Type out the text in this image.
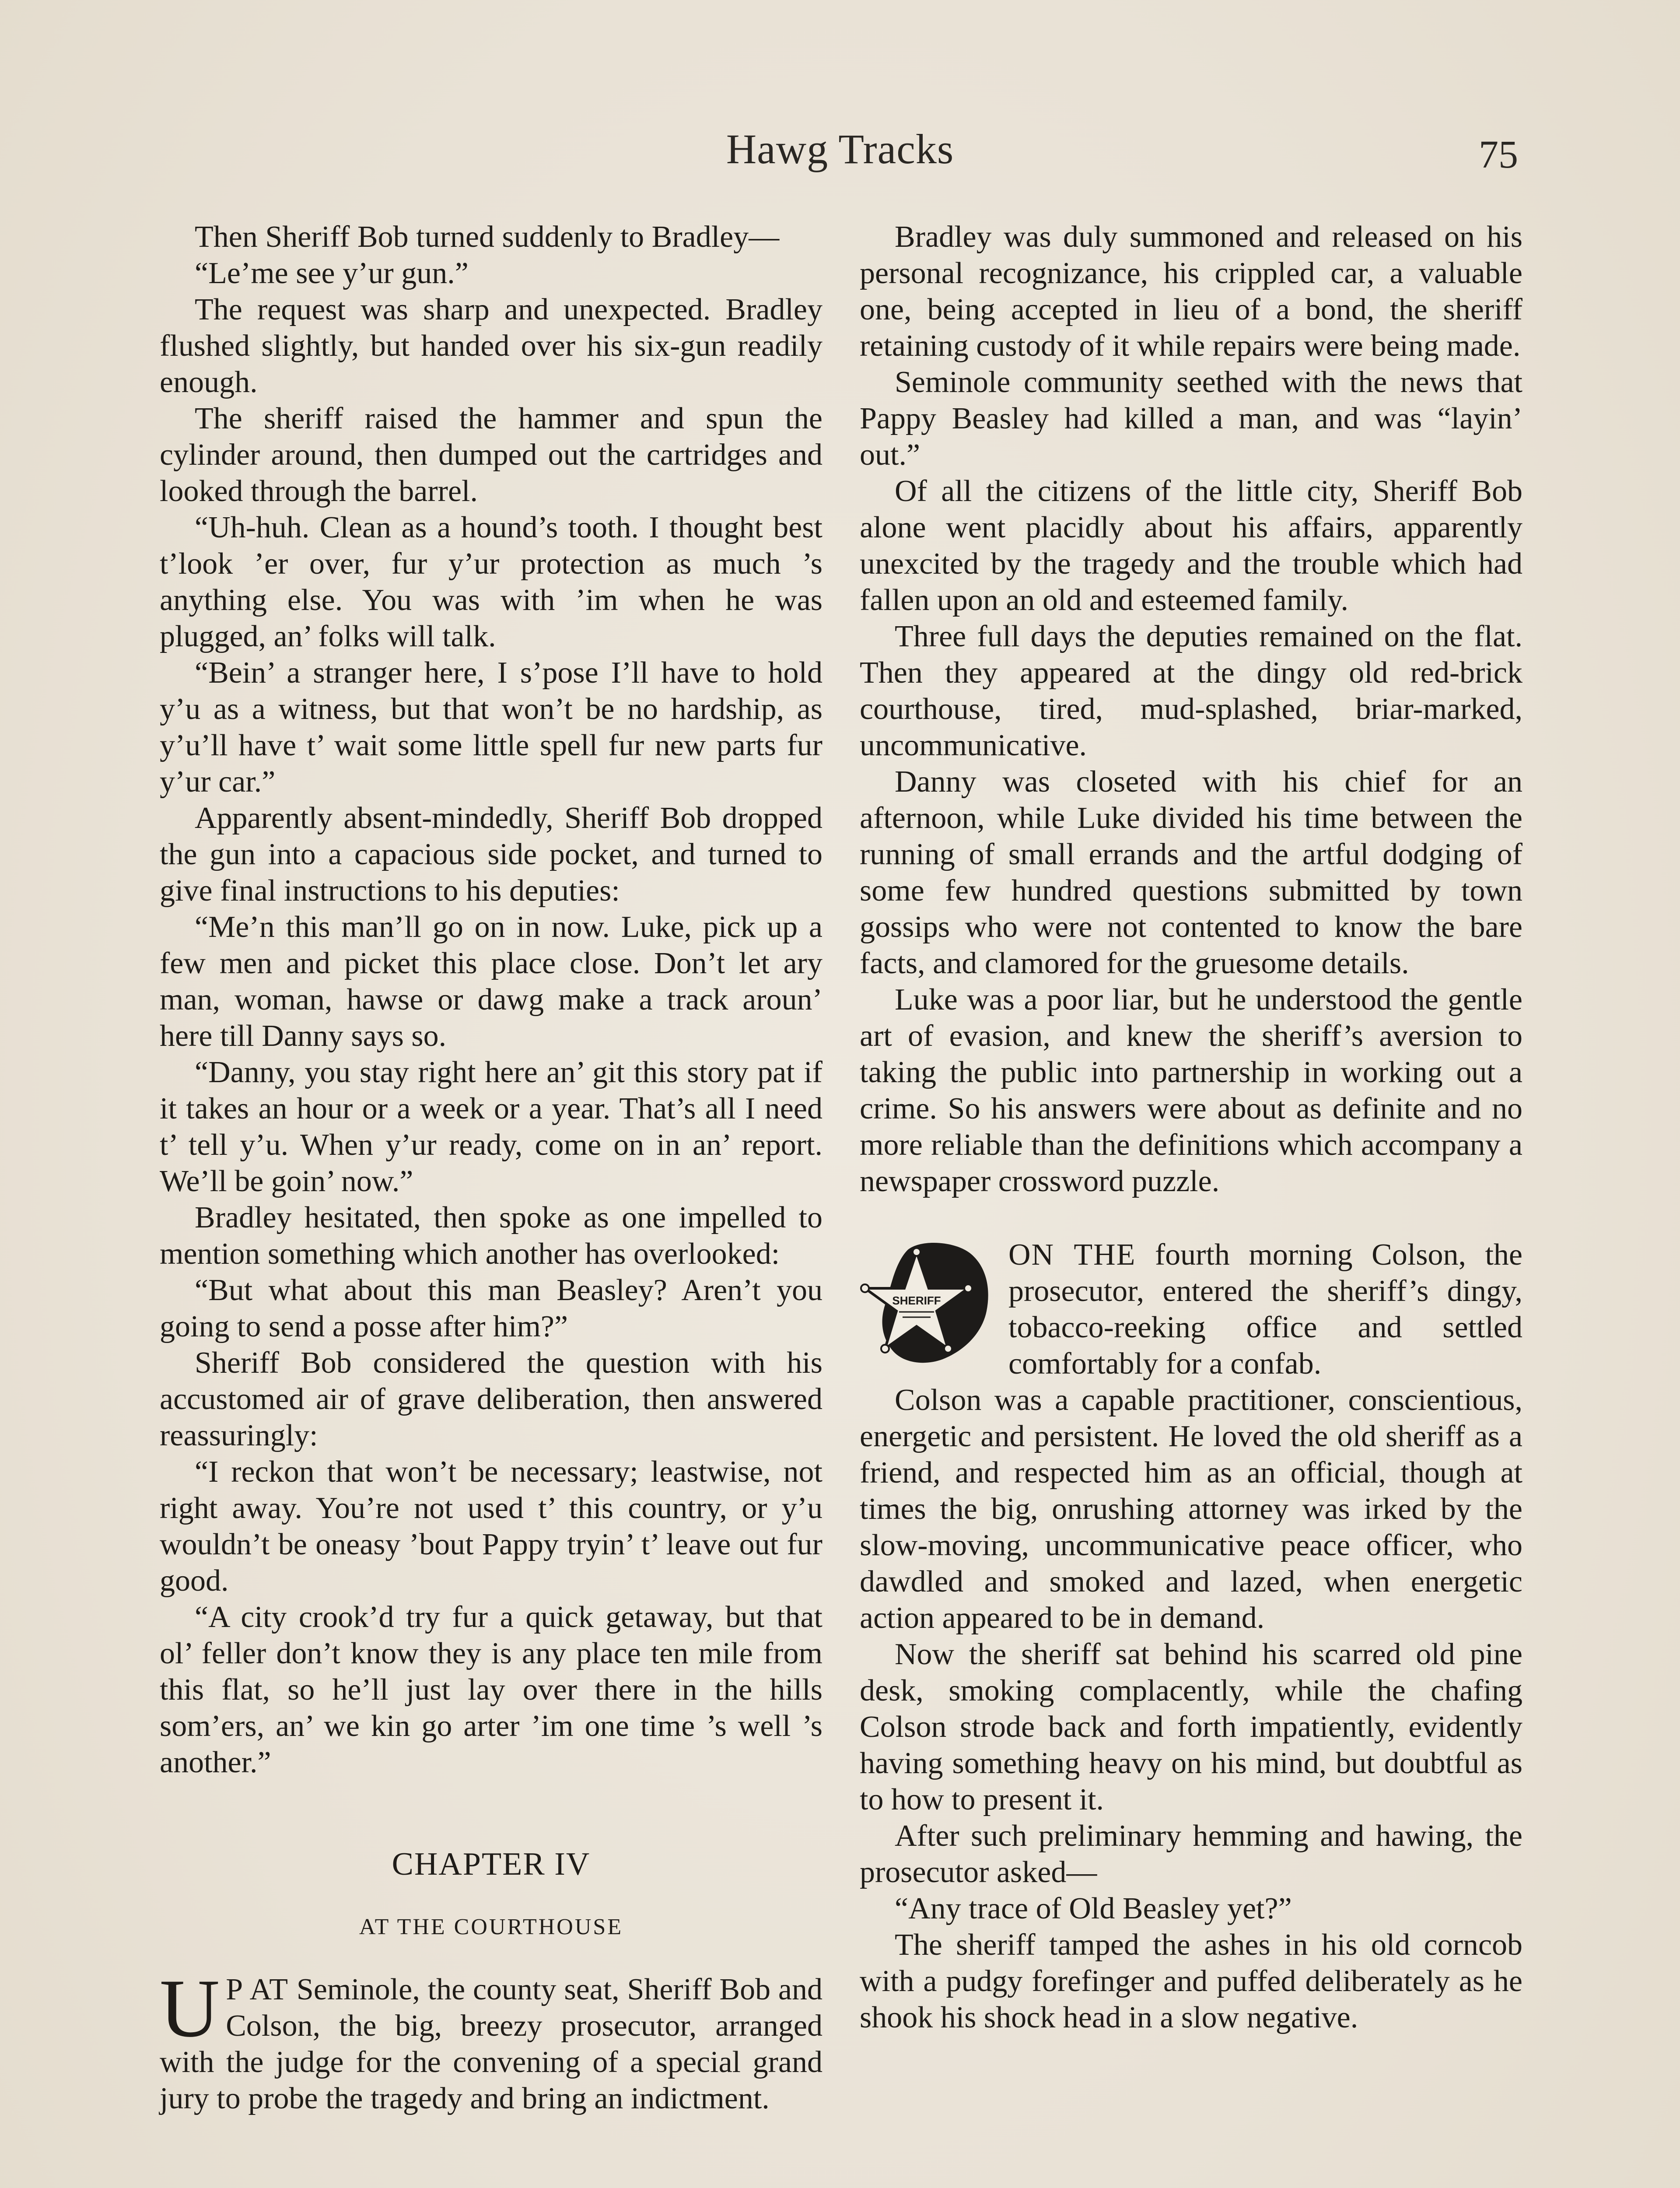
Hawg Tracks	75

Then Sheriff Bob turned suddenly to Bradley—

“Le’me see y’ur gun.”

The request was sharp and unexpected. Bradley flushed slightly, but handed over his six-gun readily enough.

The sheriff raised the hammer and spun the cylinder around, then dumped out the cartridges and looked through the barrel.

“Uh-huh. Clean as a hound’s tooth. I thought best t’look ’er over, fur y’ur protection as much ’s anything else. You was with ’im when he was plugged, an’ folks will talk.

“Bein’ a stranger here, I s’pose I’ll have to hold y’u as a witness, but that won’t be no hardship, as y’u’ll have t’ wait some little spell fur new parts fur y’ur car.”

Apparently absent-mindedly, Sheriff Bob dropped the gun into a capacious side pocket, and turned to give final instructions to his deputies:

“Me’n this man’ll go on in now. Luke, pick up a few men and picket this place close. Don’t let ary man, woman, hawse or dawg make a track aroun’ here till Danny says so.

“Danny, you stay right here an’ git this story pat if it takes an hour or a week or a year. That’s all I need t’ tell y’u. When y’ur ready, come on in an’ report. We’ll be goin’ now.”

Bradley hesitated, then spoke as one impelled to mention something which another has overlooked:

“But what about this man Beasley? Aren’t you going to send a posse after him?”

Sheriff Bob considered the question with his accustomed air of grave deliberation, then answered reassuringly:

“I reckon that won’t be necessary; leastwise, not right away. You’re not used t’ this country, or y’u wouldn’t be oneasy ’bout Pappy tryin’ t’ leave out fur good.

“A city crook’d try fur a quick getaway, but that ol’ feller don’t know they is any place ten mile from this flat, so he’ll just lay over there in the hills som’ers, an’ we kin go arter ’im one time ’s well ’s another.”

CHAPTER IV

AT THE COURTHOUSE

U P AT Seminole, the county seat, Sheriff Bob and Colson, the big, breezy prosecutor, arranged with the judge for the convening of a special grand jury to probe the tragedy and bring an indictment.

Bradley was duly summoned and released on his personal recognizance, his crippled car, a valuable one, being accepted in lieu of a bond, the sheriff retaining custody of it while repairs were being made.

Seminole community seethed with the news that Pappy Beasley had killed a man, and was “layin’ out.”

Of all the citizens of the little city, Sheriff Bob alone went placidly about his affairs, apparently unexcited by the tragedy and the trouble which had fallen upon an old and esteemed family.

Three full days the deputies remained on the flat. Then they appeared at the dingy old red-brick courthouse, tired, mud-splashed, briar-marked, uncommunicative.

Danny was closeted with his chief for an afternoon, while Luke divided his time between the running of small errands and the artful dodging of some few hundred questions submitted by town gossips who were not contented to know the bare facts, and clamored for the gruesome details.

Luke was a poor liar, but he understood the gentle art of evasion, and knew the sheriff’s aversion to taking the public into partnership in working out a crime. So his answers were about as definite and no more reliable than the definitions which accompany a newspaper crossword puzzle.

SHERIFF
ON THE fourth morning Colson, the prosecutor, entered the sheriff’s dingy, tobacco-reeking office and settled comfortably for a confab.

Colson was a capable practitioner, conscientious, energetic and persistent. He loved the old sheriff as a friend, and respected him as an official, though at times the big, onrushing attorney was irked by the slow-moving, uncommunicative peace officer, who dawdled and smoked and lazed, when energetic action appeared to be in demand.

Now the sheriff sat behind his scarred old pine desk, smoking complacently, while the chafing Colson strode back and forth impatiently, evidently having something heavy on his mind, but doubtful as to how to present it.

After such preliminary hemming and hawing, the prosecutor asked—

“Any trace of Old Beasley yet?”

The sheriff tamped the ashes in his old corncob with a pudgy forefinger and puffed deliberately as he shook his shock head in a slow negative.
